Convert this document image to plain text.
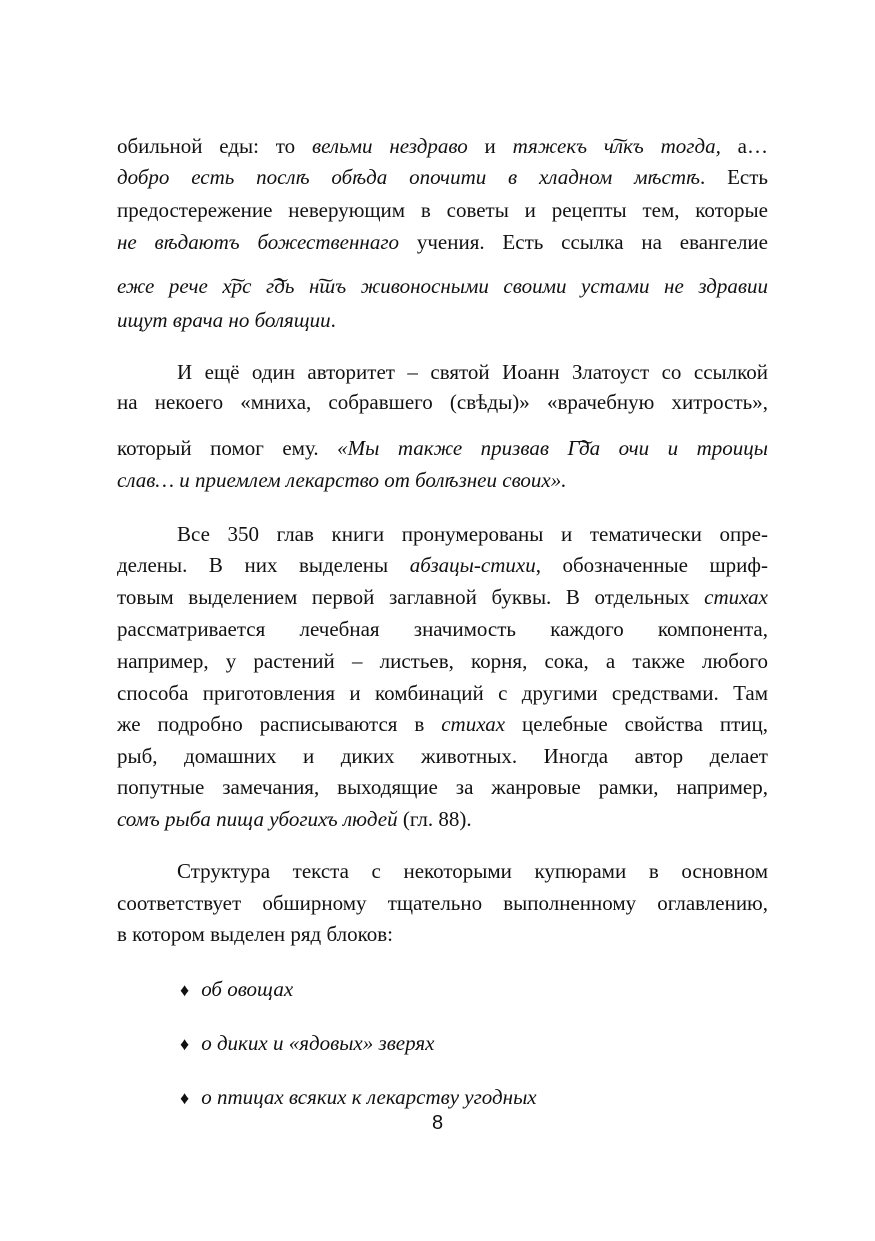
обильной еды: то вельми нездраво и тяжекъ ч͠лкъ тогда, а…
добро есть послѣ обѣда опочити в хладном мѣстѣ. Есть
предостережение неверующим в советы и рецепты тем, которые
не вѣдаютъ божественнаго учения. Есть ссылка на евангелие
еже рече х͠рс г͠дь н͠шъ живоносными своими устами не здравии
ищут врача но болящии.
И ещё один авторитет – святой Иоанн Златоуст со ссылкой
на некоего «мниха, собравшего (свѣды)» «врачебную хитрость»,
который помог ему. «Мы также призвав Г͠да очи и троицы
слав… и приемлем лекарство от болѣзнеи своих».
Все 350 глав книги пронумерованы и тематически опре-
делены. В них выделены абзацы-стихи, обозначенные шриф-
товым выделением первой заглавной буквы. В отдельных стихах
рассматривается лечебная значимость каждого компонента,
например, у растений – листьев, корня, сока, а также любого
способа приготовления и комбинаций с другими средствами. Там
же подробно расписываются в стихах целебные свойства птиц,
рыб, домашних и диких животных. Иногда автор делает
попутные замечания, выходящие за жанровые рамки, например,
сомъ рыба пища убогихъ людей (гл. 88).
Структура текста с некоторыми купюрами в основном
соответствует обширному тщательно выполненному оглавлению,
в котором выделен ряд блоков:
♦ об овощах
♦ о диких и «ядовых» зверях
♦ о птицах всяких к лекарству угодных
8
